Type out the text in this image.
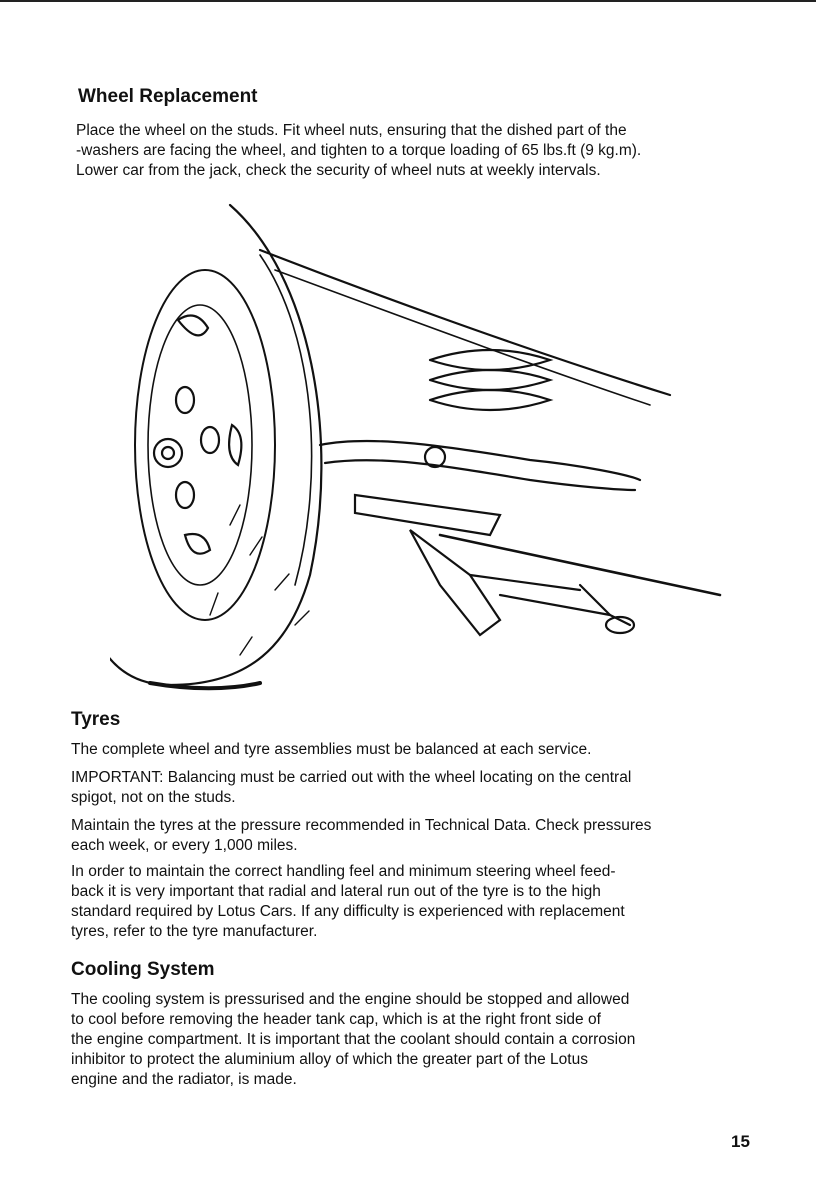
Wheel Replacement

Place the wheel on the studs. Fit wheel nuts, ensuring that the dished part of the
-washers are facing the wheel, and tighten to a torque loading of 65 lbs.ft (9 kg.m).
Lower car from the jack, check the security of wheel nuts at weekly intervals.

Tyres

The complete wheel and tyre assemblies must be balanced at each service.

IMPORTANT: Balancing must be carried out with the wheel locating on the central
spigot, not on the studs.

Maintain the tyres at the pressure recommended in Technical Data. Check pressures
each week, or every 1,000 miles.

In order to maintain the correct handling feel and minimum steering wheel feed-
back it is very important that radial and lateral run out of the tyre is to the high
standard required by Lotus Cars. If any difficulty is experienced with replacement
tyres, refer to the tyre manufacturer.

Cooling System

The cooling system is pressurised and the engine should be stopped and allowed
to cool before removing the header tank cap, which is at the right front side of
the engine compartment. It is important that the coolant should contain a corrosion
inhibitor to protect the aluminium alloy of which the greater part of the Lotus
engine and the radiator, is made.

15
